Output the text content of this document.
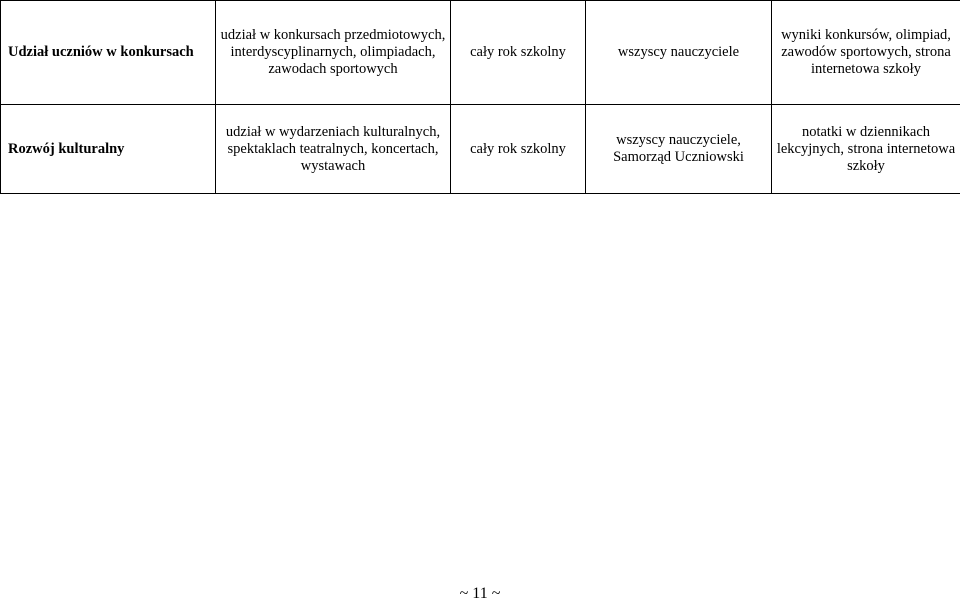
Udział uczniów w konkursach	udział w konkursach przedmiotowych, interdyscyplinarnych, olimpiadach, zawodach sportowych	cały rok szkolny	wszyscy nauczyciele	wyniki konkursów, olimpiad, zawodów sportowych, strona internetowa szkoły
Rozwój kulturalny	udział w wydarzeniach kulturalnych, spektaklach teatralnych, koncertach, wystawach	cały rok szkolny	wszyscy nauczyciele, Samorząd Uczniowski	notatki w dziennikach lekcyjnych, strona internetowa szkoły
~ 11 ~
